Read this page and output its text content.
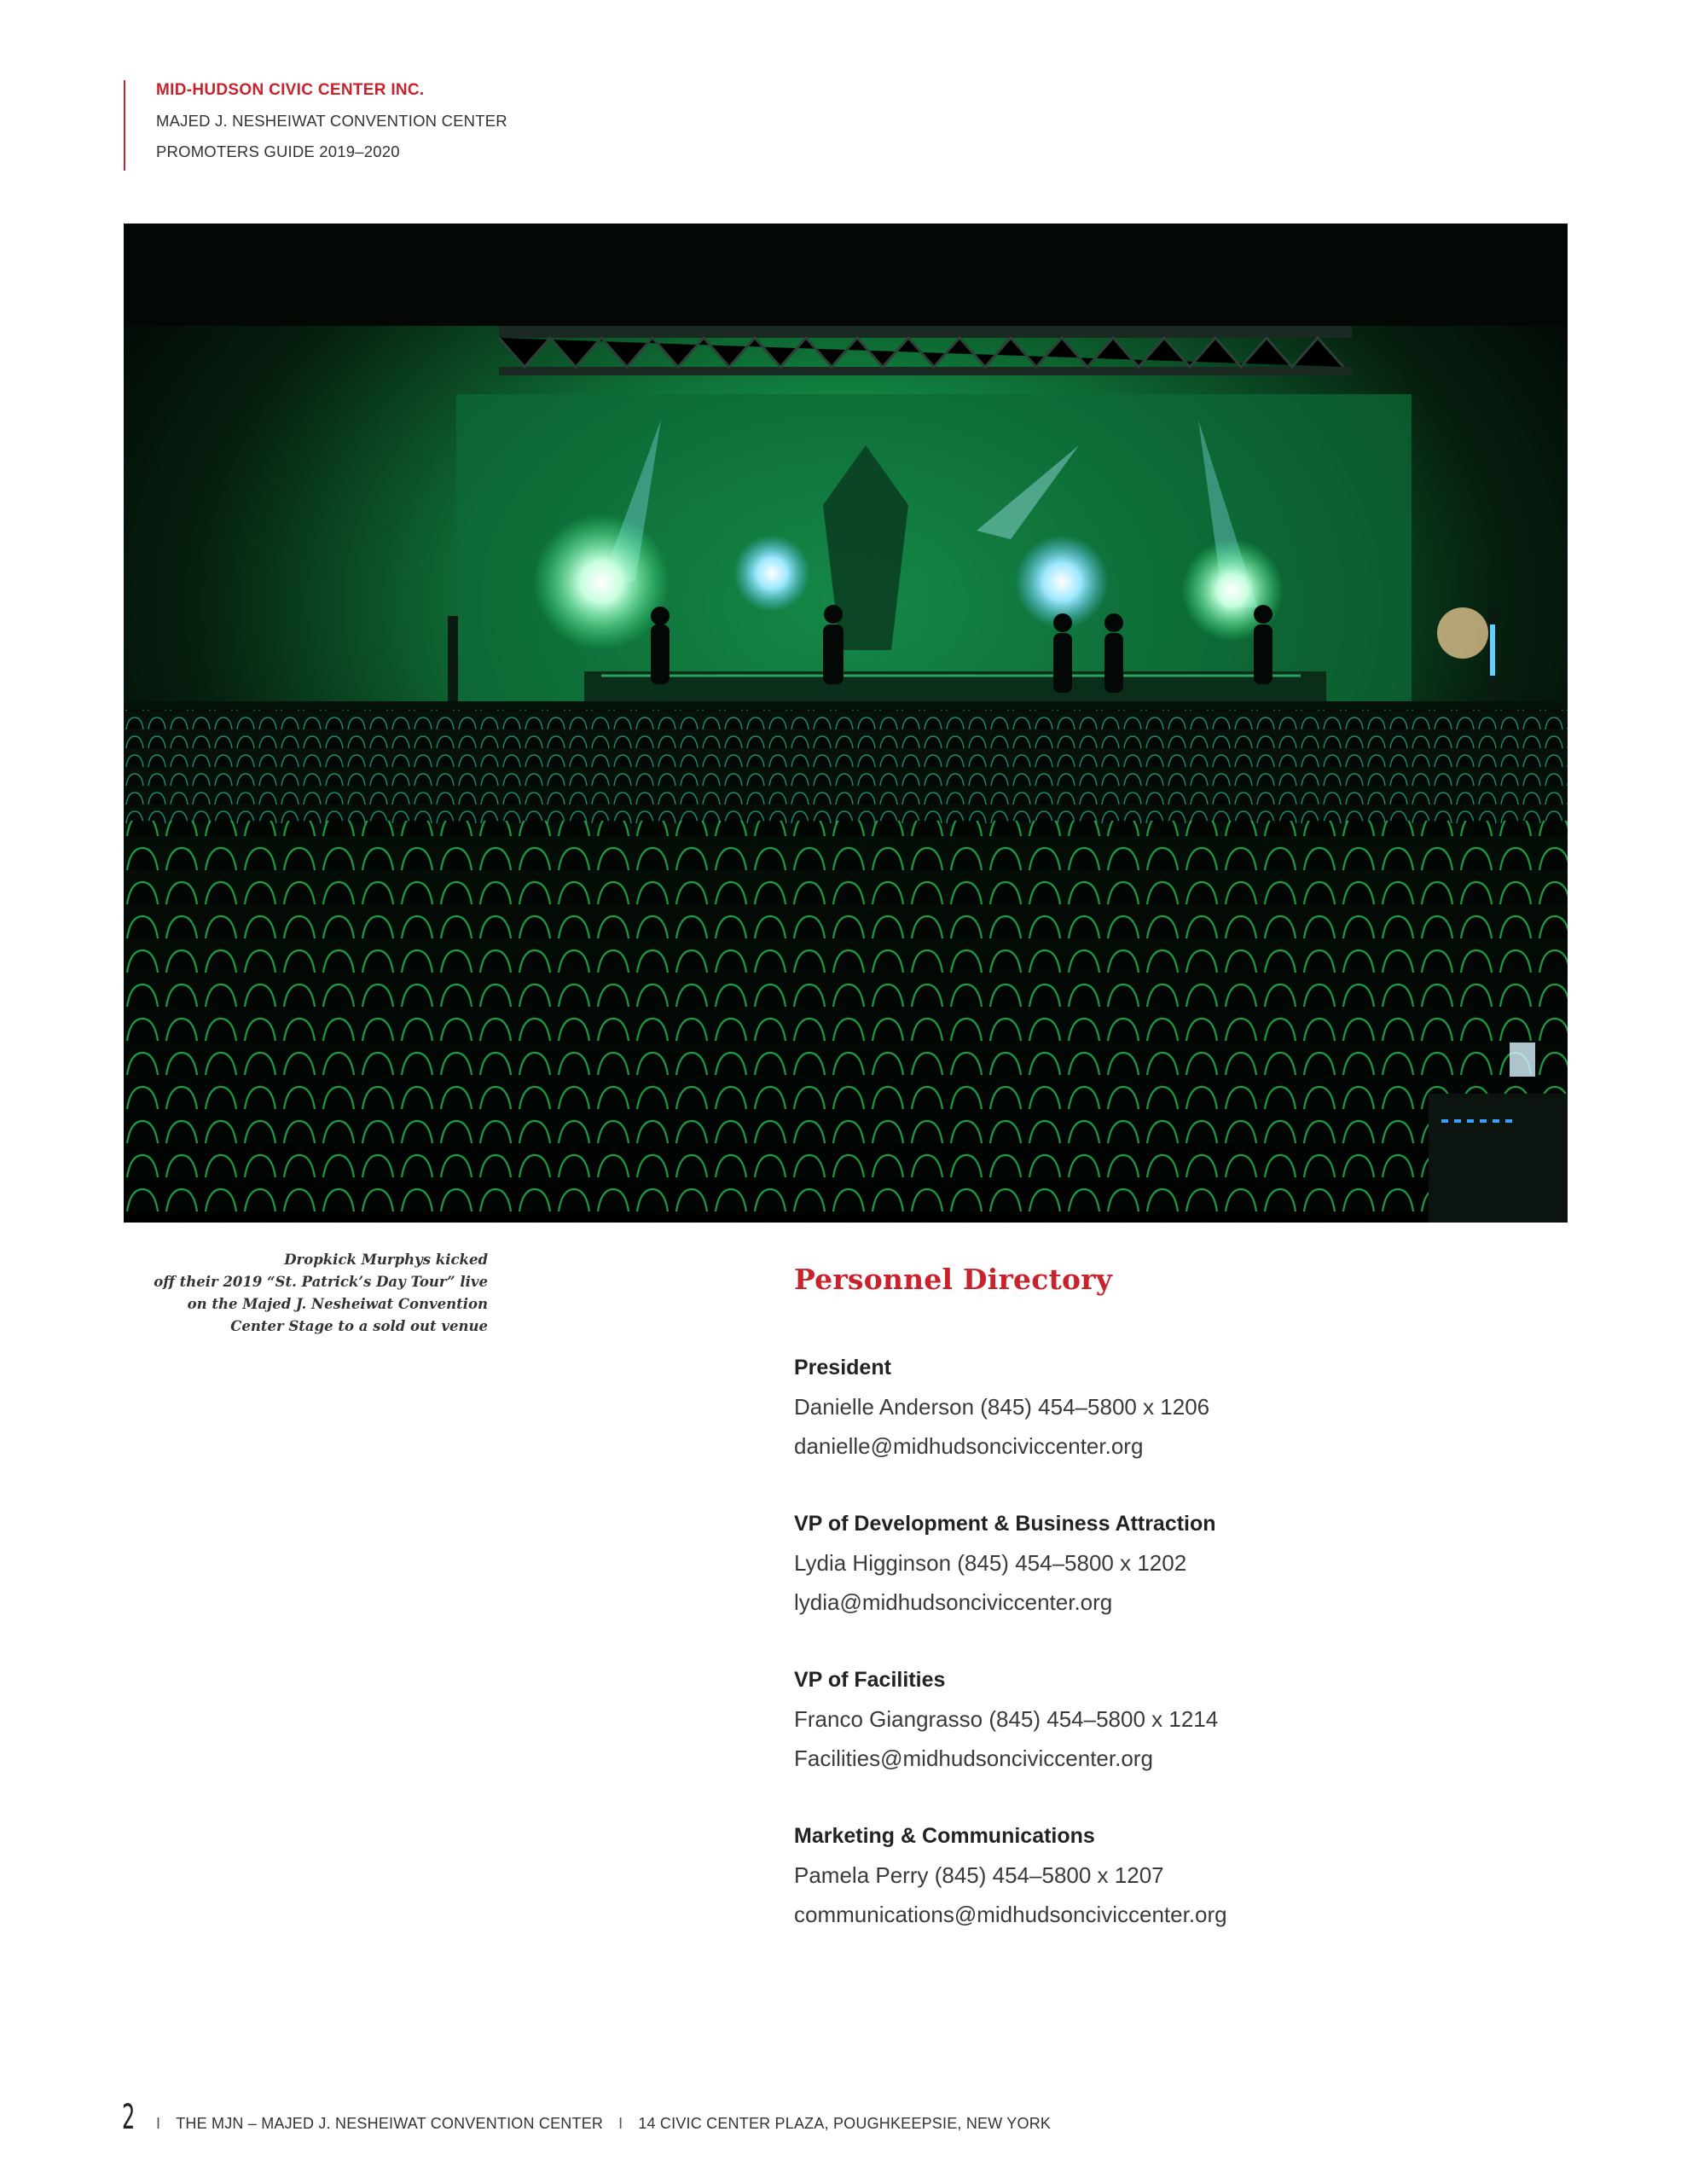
MID-HUDSON CIVIC CENTER INC.
MAJED J. NESHEIWAT CONVENTION CENTER
PROMOTERS GUIDE 2019–2020
Dropkick Murphys kicked
off their 2019 “St. Patrick’s Day Tour” live
on the Majed J. Nesheiwat Convention
Center Stage to a sold out venue
Personnel Directory
President
Danielle Anderson (845) 454–5800 x 1206
danielle@midhudsonciviccenter.org
VP of Development & Business Attraction
Lydia Higginson (845) 454–5800 x 1202
lydia@midhudsonciviccenter.org
VP of Facilities
Franco Giangrasso (845) 454–5800 x 1214
Facilities@midhudsonciviccenter.org
Marketing & Communications
Pamela Perry (845) 454–5800 x 1207
communications@midhudsonciviccenter.org
2 I THE MJN – MAJED J. NESHEIWAT CONVENTION CENTER I 14 CIVIC CENTER PLAZA, POUGHKEEPSIE, NEW YORK
